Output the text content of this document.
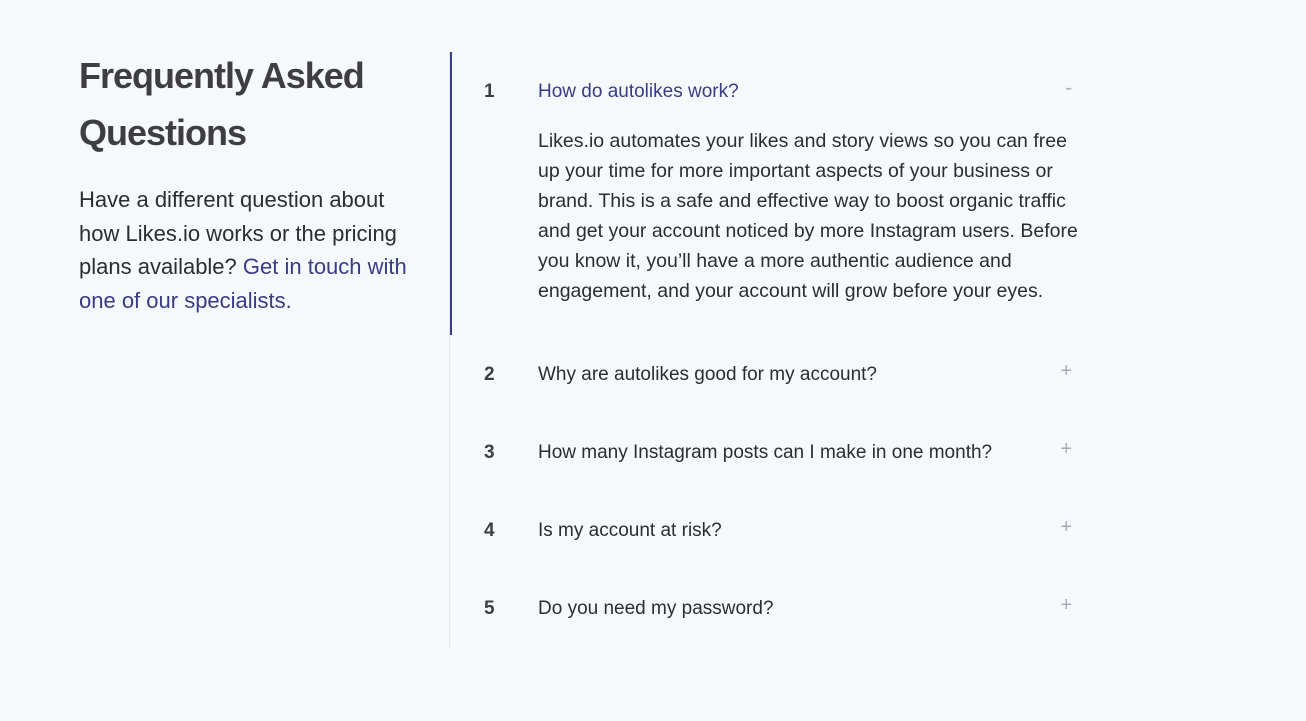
Frequently Asked
Questions

Have a different question about how Likes.io works or the pricing plans available? Get in touch with one of our specialists.

1 How do autolikes work?	-

Likes.io automates your likes and story views so you can free up your time for more important aspects of your business or brand. This is a safe and effective way to boost organic traffic and get your account noticed by more Instagram users. Before you know it, you’ll have a more authentic audience and engagement, and your account will grow before your eyes.

2 Why are autolikes good for my account?	+
3 How many Instagram posts can I make in one month?	+
4 Is my account at risk?	+
5 Do you need my password?	+
